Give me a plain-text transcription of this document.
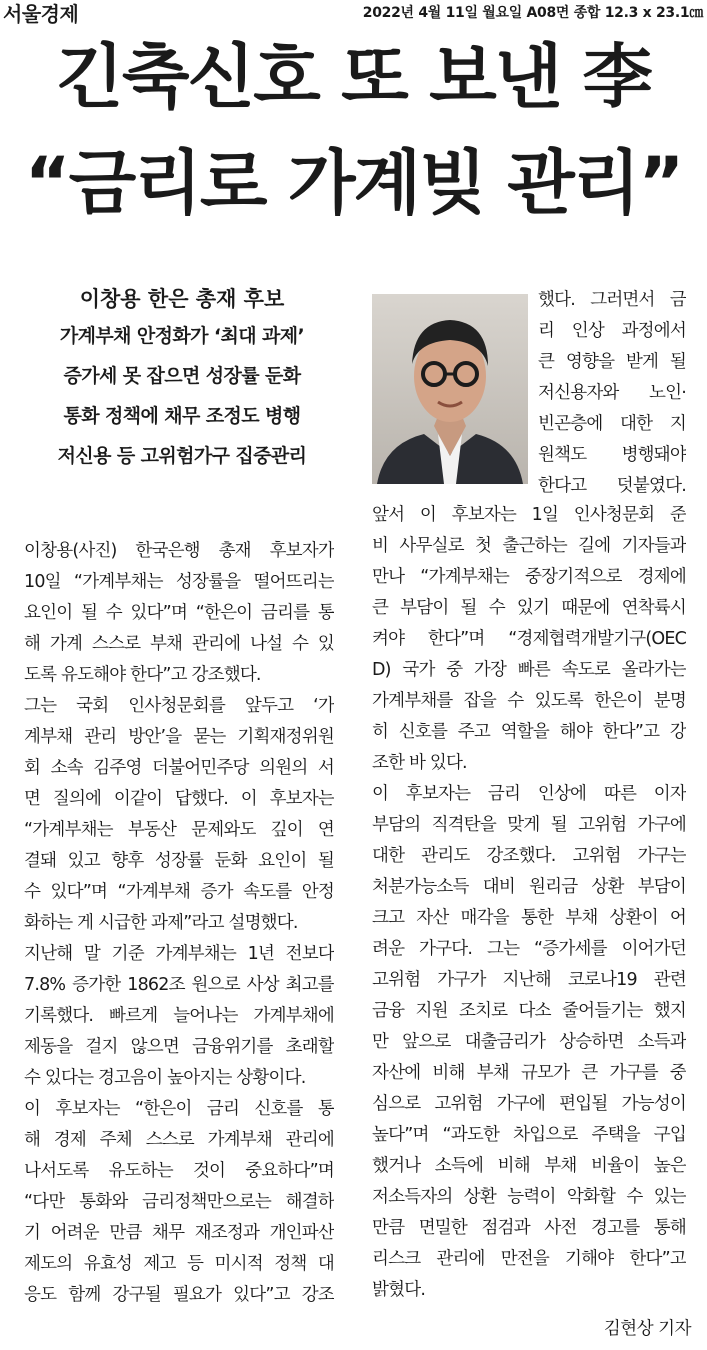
서울경제	2022년 4월 11일 월요일 A08면 종합 12.3 x 23.1㎝
긴축신호 또 보낸 李
“금리로 가계빚 관리”
이창용 한은 총재 후보
가계부채 안정화가 ‘최대 과제’
증가세 못 잡으면 성장률 둔화
통화 정책에 채무 조정도 병행
저신용 등 고위험가구 집중관리

했다. 그러면서 금

리 인상 과정에서

큰 영향을 받게 될

저신용자와 노인·

빈곤층에 대한 지

원책도 병행돼야

한다고 덧붙였다.

이창용(사진) 한국은행 총재 후보자가

10일 “가계부채는 성장률을 떨어뜨리는

요인이 될 수 있다”며 “한은이 금리를 통

해 가계 스스로 부채 관리에 나설 수 있

도록 유도해야 한다”고 강조했다.

그는 국회 인사청문회를 앞두고 ‘가

계부채 관리 방안’을 묻는 기획재정위원

회 소속 김주영 더불어민주당 의원의 서

면 질의에 이같이 답했다. 이 후보자는

“가계부채는 부동산 문제와도 깊이 연

결돼 있고 향후 성장률 둔화 요인이 될

수 있다”며 “가계부채 증가 속도를 안정

화하는 게 시급한 과제”라고 설명했다.

지난해 말 기준 가계부채는 1년 전보다

7.8% 증가한 1862조 원으로 사상 최고를

기록했다. 빠르게 늘어나는 가계부채에

제동을 걸지 않으면 금융위기를 초래할

수 있다는 경고음이 높아지는 상황이다.

이 후보자는 “한은이 금리 신호를 통

해 경제 주체 스스로 가계부채 관리에

나서도록 유도하는 것이 중요하다”며

“다만 통화와 금리정책만으로는 해결하

기 어려운 만큼 채무 재조정과 개인파산

제도의 유효성 제고 등 미시적 정책 대

응도 함께 강구될 필요가 있다”고 강조

앞서 이 후보자는 1일 인사청문회 준

비 사무실로 첫 출근하는 길에 기자들과

만나 “가계부채는 중장기적으로 경제에

큰 부담이 될 수 있기 때문에 연착륙시

켜야 한다”며 “경제협력개발기구(OEC

D) 국가 중 가장 빠른 속도로 올라가는

가계부채를 잡을 수 있도록 한은이 분명

히 신호를 주고 역할을 해야 한다”고 강

조한 바 있다.

이 후보자는 금리 인상에 따른 이자

부담의 직격탄을 맞게 될 고위험 가구에

대한 관리도 강조했다. 고위험 가구는

처분가능소득 대비 원리금 상환 부담이

크고 자산 매각을 통한 부채 상환이 어

려운 가구다. 그는 “증가세를 이어가던

고위험 가구가 지난해 코로나19 관련

금융 지원 조치로 다소 줄어들기는 했지

만 앞으로 대출금리가 상승하면 소득과

자산에 비해 부채 규모가 큰 가구를 중

심으로 고위험 가구에 편입될 가능성이

높다”며 “과도한 차입으로 주택을 구입

했거나 소득에 비해 부채 비율이 높은

저소득자의 상환 능력이 악화할 수 있는

만큼 면밀한 점검과 사전 경고를 통해

리스크 관리에 만전을 기해야 한다”고

밝혔다.

김현상 기자
